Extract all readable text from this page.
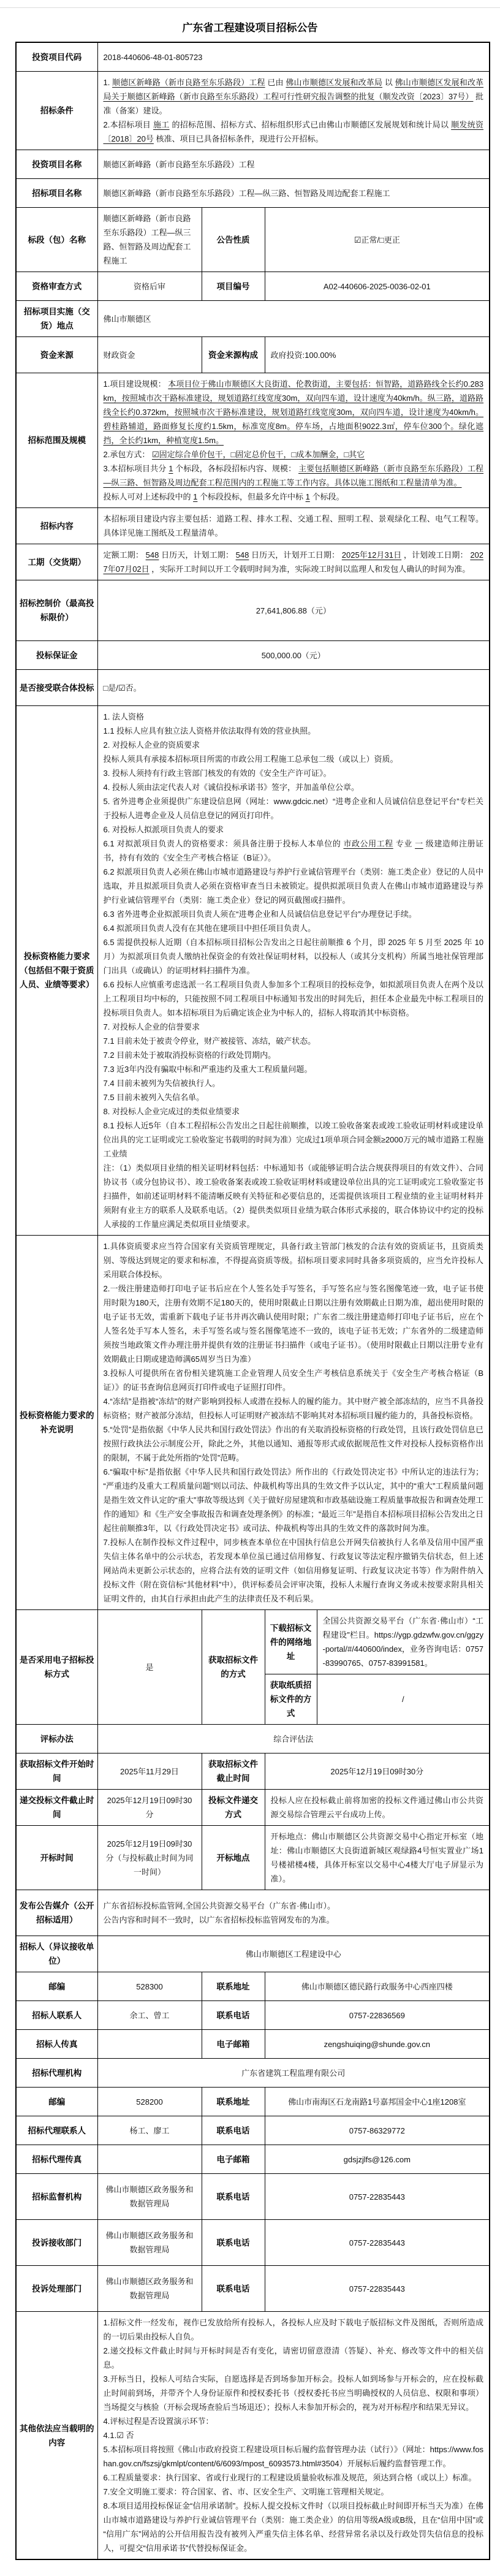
广东省工程建设项目招标公告
投资项目代码	2018-440606-48-01-805723			
招标条件	1. 顺德区新峰路（新市良路至东乐路段）工程 已由 佛山市顺德区发展和改革局 以 佛山市顺德区发展和改革局关于顺德区新峰路（新市良路至东乐路段）工程可行性研究报告调整的批复（顺发改资〔2023〕37号） 批准（备案）建设。
2.本招标项目 施工 的招标范围、招标方式、招标组织形式已由佛山市顺德区发展规划和统计局以 顺发统资〔2018〕20号 核准、项目已具备招标条件，现进行公开招标。			

投资项目名称	顺德区新峰路（新市良路至东乐路段）工程			
招标项目名称	顺德区新峰路（新市良路至东乐路段）工程—纵三路、恒智路及周边配套工程施工			
标段（包）名称	顺德区新峰路（新市良路至东乐路段）工程—纵三路、恒智路及周边配套工程施工	公告性质	☑正常/□更正	
资格审查方式	资格后审	项目编号	A02-440606-2025-0036-02-01	
招标项目实施（交货）地点	佛山市顺德区			
资金来源	财政资金	资金来源构成	政府投资:100.00%	
招标范围及规模	1.项目建设规模： 本项目位于佛山市顺德区大良街道、伦教街道，主要包括：恒智路，道路路线全长约0.283km，按照城市次干路标准建设，规划道路红线宽度30m，双向四车道，设计速度为40km/h。纵三路，道路路线全长约0.372km，按照城市次干路标准建设，规划道路红线宽度30m，双向四车道，设计速度为40km/h。碧桂路辅道，路面修复长度约1.5km，标准宽度8m。停车场，占地面积9022.3㎡，停车位300个。绿化遮挡，全长约1km，种植宽度1.5m。
2.承包方式： ☑固定综合单价包干，□固定总价包干，□成本加酬金，□其它
3.本招标项目共分 1 个标段，各标段招标内容、规模： 主要包括顺德区新峰路（新市良路至东乐路段）工程—纵三路、恒智路及周边配套工程范围内的工程施工等工作内容。具体以施工图纸和工程量清单为准。
投标人可对上述标段中的 1 个标段投标，但最多允许中标 1 个标段。			

招标内容	本招标项目建设内容主要包括：道路工程、排水工程、交通工程、照明工程、景观绿化工程、电气工程等。具体详见施工图纸及工程量清单。			
工期（交货期）	定额工期： 548 日历天，计划工期： 548 日历天，计划开工日期： 2025年12月31日 ，计划竣工日期： 2027年07月02日 ，实际开工时间以开工令载明时间为准，实际竣工时间以监理人和发包人确认的时间为准。			

招标控制价（最高投标限价）	27,641,806.88（元）			
投标保证金	500,000.00（元）			
是否接受联合体投标	□是/☑否。			
投标资格能力要求（包括但不限于资质人员、业绩等要求）	
1. 法人资格
1.1 投标人应具有独立法人资格并依法取得有效的营业执照。
2. 对投标人企业的资质要求
投标人须具有承接本招标项目所需的市政公用工程施工总承包二级（或以上）资质。
3. 投标人须持有行政主管部门核发的有效的《安全生产许可证》。
4. 投标人须由法定代表人对《诚信投标承诺书》签字，并加盖单位公章。
5. 省外进粤企业须提供广东建设信息网（网址：www.gdcic.net）“进粤企业和人员诚信信息登记平台”专栏关于投标人进粤企业及人员信息登记的网页打印件。
6. 对投标人拟派项目负责人的要求
6.1 对拟派项目负责人的资格要求：须具备注册于投标人本单位的 市政公用工程 专业 一 级建造师注册证书，持有有效的《安全生产考核合格证（B证）》。
6.2 拟派项目负责人必须在佛山市城市道路建设与养护行业诚信管理平台（类别：施工类企业）登记的人员中选取，并且拟派项目负责人必须在资格审查当日未被锁定。提供拟派项目负责人在佛山市城市道路建设与养护行业诚信管理平台（类别：施工类企业）登记的网页截图或扫描件。
6.3 省外进粤企业拟派项目负责人须在“进粤企业和人员诚信信息登记平台”办理登记手续。
6.4 拟派项目负责人没有在其他在建项目中担任项目负责人。
6.5 需提供投标人近期（自本招标项目招标公告发出之日起往前顺推 6 个月，即 2025 年 5 月至 2025 年 10 月）为拟派项目负责人缴纳社保资金的有效社保证明材料，以投标人（或其分支机构）所属当地社保管理部门出具（或确认）的证明材料扫描件为准。
6.6 投标人应慎重考虑选派一名工程项目负责人参加多个工程项目的投标竞争，如拟派项目负责人在两个及以上工程项目均中标的，只能按照不同工程项目中标通知书发出的时间先后，担任本企业最先中标工程项目的投标项目负责人。如本招标项目为后确定该企业为中标人的，招标人将取消其中标资格。
7. 对投标人企业的信誉要求
7.1 目前未处于被责令停业，财产被接管、冻结，破产状态。
7.2 目前未处于被取消投标资格的行政处罚期内。
7.3 近3年内没有骗取中标和严重违约及重大工程质量问题。
7.4 目前未被列为失信被执行人。
7.5 目前未被列入失信名单。
8. 对投标人企业完成过的类似业绩要求
8.1 投标人近5年（自本工程招标公告发出之日起往前顺推，以竣工验收备案表或竣工验收证明材料或建设单位出具的完工证明或完工验收鉴定书载明的时间为准）完成过1项单项合同金额≥2000万元的城市道路工程施工业绩
注：（1）类似项目业绩的相关证明材料包括：中标通知书（或能够证明合法合规获得项目的有效文件）、合同协议书（或分包协议书）、竣工验收备案表或竣工验收证明材料或建设单位出具的完工证明或完工验收鉴定书扫描件，如前述证明材料不能清晰反映有关特征和必要信息的，还需提供该项目工程业绩的业主证明材料并须附有业主方的联系人及联系电话。（2）提供类似项目业绩为联合体形式承接的，联合体协议中约定的投标人承接的工作量应满足类似项目业绩要求。

投标资格能力要求的补充说明	
1.具体资质要求应当符合国家有关资质管理规定，具备行政主管部门核发的合法有效的资质证书，且资质类别、等级达到规定的要求和标准，不得提高资质等级。招标项目要求同时具备多项资质的，应当允许投标人采用联合体投标。
2.一级注册建造师打印电子证书后应在个人签名处手写签名，手写签名应与签名图像笔迹一致，电子证书使用时限为180天，注册有效期不足180天的，使用时限截止日期以注册有效期截止日期为准，超出使用时限的电子证书无效，需重新下载电子证书并再次确认使用时限；广东省二级注册建造师打印电子证书后，应在个人签名处手写本人签名，未手写签名或与签名图像笔迹不一致的，该电子证书无效；广东省外的二级建造师须按当地政策文件办理注册并提供有效的注册证书扫描件（或电子证书）。（使用时限截止日期以注册专业有效期截止日期或建造师满65周岁当日为准）
3.投标人可提供所在省份相关建筑施工企业管理人员安全生产考核信息系统关于《安全生产考核合格证（B证）》的证书查询信息网页打印件或电子证照打印件。
4.“冻结”是指被“冻结”的财产影响到投标人或潜在投标人的履约能力。其中财产被全部冻结的，应当不具备投标资格；财产被部分冻结，但投标人可证明财产被冻结不影响其对本招标项目履约能力的，具备投标资格。
5.“处罚”是指依据《中华人民共和国行政处罚法》作出的有关取消投标资格的行政处罚，且该行政处罚信息已按照行政执法公示制度公开，除此之外，其他以通知、通报等形式或依据规范性文件对投标人投标资格作出的限制，不属于此处所指的“处罚”范畴。
6.“骗取中标”是指依据《中华人民共和国行政处罚法》所作出的《行政处罚决定书》中所认定的违法行为；“严重违约及重大工程质量问题”则以司法、仲裁机构等出具的生效文件予以认定，其中的“重大”工程质量问题是指生效文件认定的“重大”事故等级达到《关于做好房屋建筑和市政基础设施工程质量事故报告和调查处理工作的通知》和《生产安全事故报告和调查处理条例》的标准；“最近三年”是指自本招标项目招标公告发出之日起往前顺推3年，以《行政处罚决定书》或司法、仲裁机构等出具的生效文件的落款时间为准。
7.投标人在制作投标文件过程中，同步核查本单位在中国执行信息公开网失信被执行人名单及信用中国严重失信主体名单中的公示状态，若发现本单位虽已通过信用修复、行政复议等法定程序撤销失信状态，但上述网站尚未更新公示状态的，应将合法有效的证明文件（如信用修复证明、行政复议决定书等）作为附件纳入投标文件（附在资信标“其他材料”中），供评标委员会评审决策，投标人未履行查询义务或未按要求附具相关证明文件的，由其自行承担由此产生的法律责任及不利后果。

是否采用电子招标投标方式	是	获取招标文件的方式	下载招标文件的网络地址	全国公共资源交易平台（广东省·佛山市）“工程建设”栏目。https://ygp.gdzwfw.gov.cn/ggzy-portal/#/440600/index，业务咨询电话：0757-83990765、0757-83991581。
			获取纸质招标文件的方式	/
评标办法	综合评估法			
获取招标文件开始时间	2025年11月29日	获取招标文件截止时间	2025年12月19日09时30分	
递交投标文件截止时间	2025年12月19日09时30分	投标文件递交方式	投标人应在投标截止前将加密的投标文件通过佛山市公共资源交易综合管理云平台成功上传。	
开标时间	2025年12月19日09时30分（与投标截止时间为同一时间）	开标地点	开标地点：佛山市顺德区公共资源交易中心指定开标室（地址：佛山市顺德区大良街道新城区观绿路4号恒实置业广场1号楼裙楼4楼，具体开标室以交易中心4楼大厅电子屏显示为准）。	
发布公告媒介（公开招标适用）	广东省招标投标监管网,全国公共资源交易平台（广东省·佛山市）。
公告内容和时间不一致时，以广东省招标投标监管网发布的为准。			

招标人（异议接收单位）	佛山市顺德区工程建设中心			
邮编	528300	联系地址	佛山市顺德区德民路行政服务中心西座四楼	
招标人联系人	余工、曾工	联系电话	0757-22836569	
招标人传真		电子邮箱	zengshuiqing@shunde.gov.cn	
招标代理机构	广东省建筑工程监理有限公司			
邮编	528200	联系地址	佛山市南海区石龙南路1号嘉邦国金中心1座1208室	
招标代理联系人	杨工、廖工	联系电话	0757-86329772	
招标代理传真		电子邮箱	gdsjzjlfs@126.com	
招标监督机构	佛山市顺德区政务服务和数据管理局	联系电话	0757-22835443	
投诉接收部门	佛山市顺德区政务服务和数据管理局	联系电话	0757-22835443	
投诉处理部门	佛山市顺德区政务服务和数据管理局	联系电话	0757-22835443	
其他依法应当载明的内容	
1.招标文件一经发布，视作已发放给所有投标人，各投标人应及时下载电子版招标文件及图纸，否则所造成的一切后果由投标人自负。
2.递交投标文件截止时间与开标时间是否有变化，请密切留意澄清（答疑）、补充、修改等文件中的相关信息。
3.开标当日，投标人可结合实际，自愿选择是否到场参加开标会。投标人如到场参与开标会的，应在投标截止时间前到场，并带齐个人身份证原件和授权委托书（授权委托书应当明确授权的人员信息、权限和事项）当场提交与核验（开标会现场查验后当场退还）；投标人未参加开标会的，视为对开标程序和结果无异议。
4.评标过程是否设置演示环节：
4.1.☑ 否
5.本招标项目将按照《佛山市政府投资工程建设项目标后履约监督管理办法（试行）》（网址：https://www.foshan.gov.cn/fszsj/gkmlpt/content/6/6093/mpost_6093573.html#3504）开展标后履约监督管理工作。
6.工程质量要求：执行国家、省或行业现行的工程建设质量验收标准及规范，须达到合格（或以上）标准。
7.安全文明施工要求：符合国家、省、市、区安全生产、文明施工管理相关规定。
8.本项目适用投标保证金“信用承诺制”。投标人提交投标文件时（以项目投标截止时间即开标当天为准）在佛山市城市道路建设与养护行业诚信管理平台（类别：施工类企业）的信用等级A级或B级，且在“信用中国”或“信用广东”网站的公开信用报告没有被列入严重失信主体名单、经营异常名录以及行政处罚失信信息的投标人，可提交“信用承诺书”代替投标保证金。
